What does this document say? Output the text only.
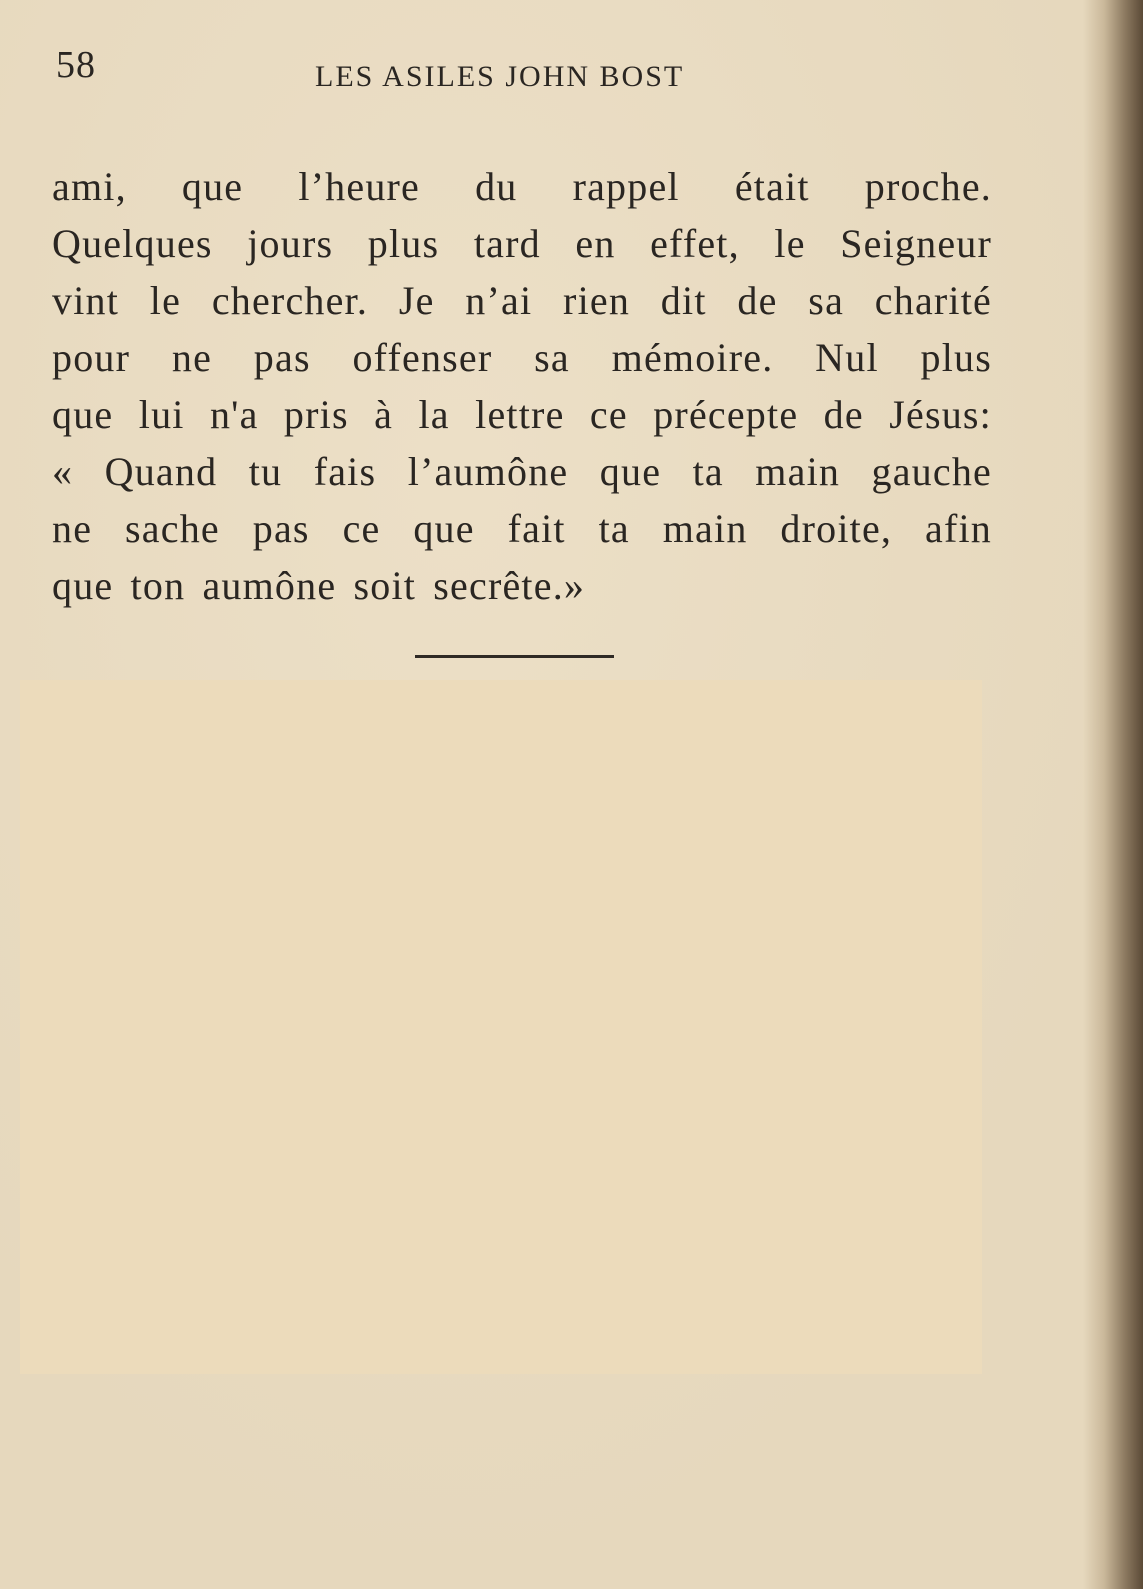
58	LES ASILES JOHN BOST
ami, que l’heure du rappel était proche.
Quelques jours plus tard en effet, le Seigneur
vint le chercher. Je n’ai rien dit de sa charité
pour ne pas offenser sa mémoire. Nul plus
que lui n'a pris à la lettre ce précepte de Jésus:
« Quand tu fais l’aumône que ta main gauche
ne sache pas ce que fait ta main droite, afin
que ton aumône soit secrête.»
